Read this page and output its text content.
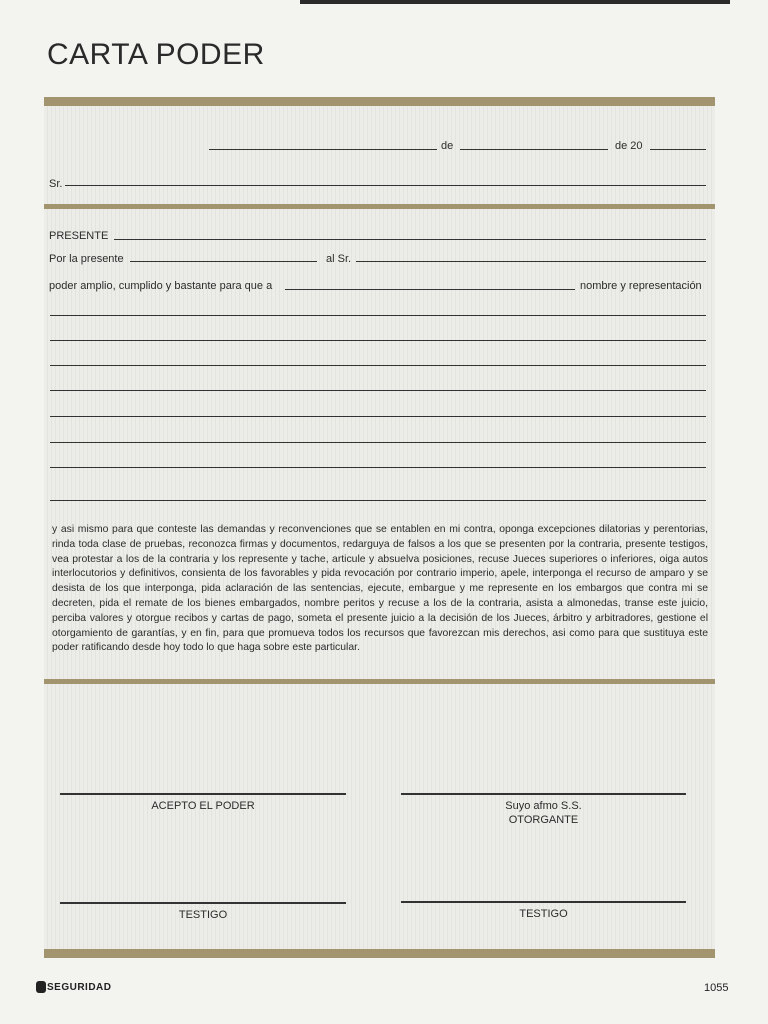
CARTA PODER
de	de 20
Sr.
PRESENTE
Por la presente	al Sr.
poder amplio, cumplido y bastante para que a	nombre y representación
y asi mismo para que conteste las demandas y reconvenciones que se entablen en mi contra, oponga excepciones dilatorias y perentorias, rinda toda clase de pruebas, reconozca firmas y documentos, redarguya de falsos a los que se presenten por la contraria, presente testigos, vea protestar a los de la contraria y los represente y tache, articule y absuelva posiciones, recuse Jueces superiores o inferiores, oiga autos interlocutorios y definitivos, consienta de los favorables y pida revocación por contrario imperio, apele, interponga el recurso de amparo y se desista de los que interponga, pida aclaración de las sentencias, ejecute, embargue y me represente en los embargos que contra mi se decreten, pida el remate de los bienes embargados, nombre peritos y recuse a los de la contraria, asista a almonedas, transe este juicio, perciba valores y otorgue recibos y cartas de pago, someta el presente juicio a la decisión de los Jueces, árbitro y arbitradores, gestione el otorgamiento de garantías, y en fin, para que promueva todos los recursos que favorezcan mis derechos, asi como para que sustituya este poder ratificando desde hoy todo lo que haga sobre este particular.
ACEPTO EL PODER	Suyo afmo S.S.
OTORGANTE
TESTIGO	TESTIGO
SEGURIDAD	1055
